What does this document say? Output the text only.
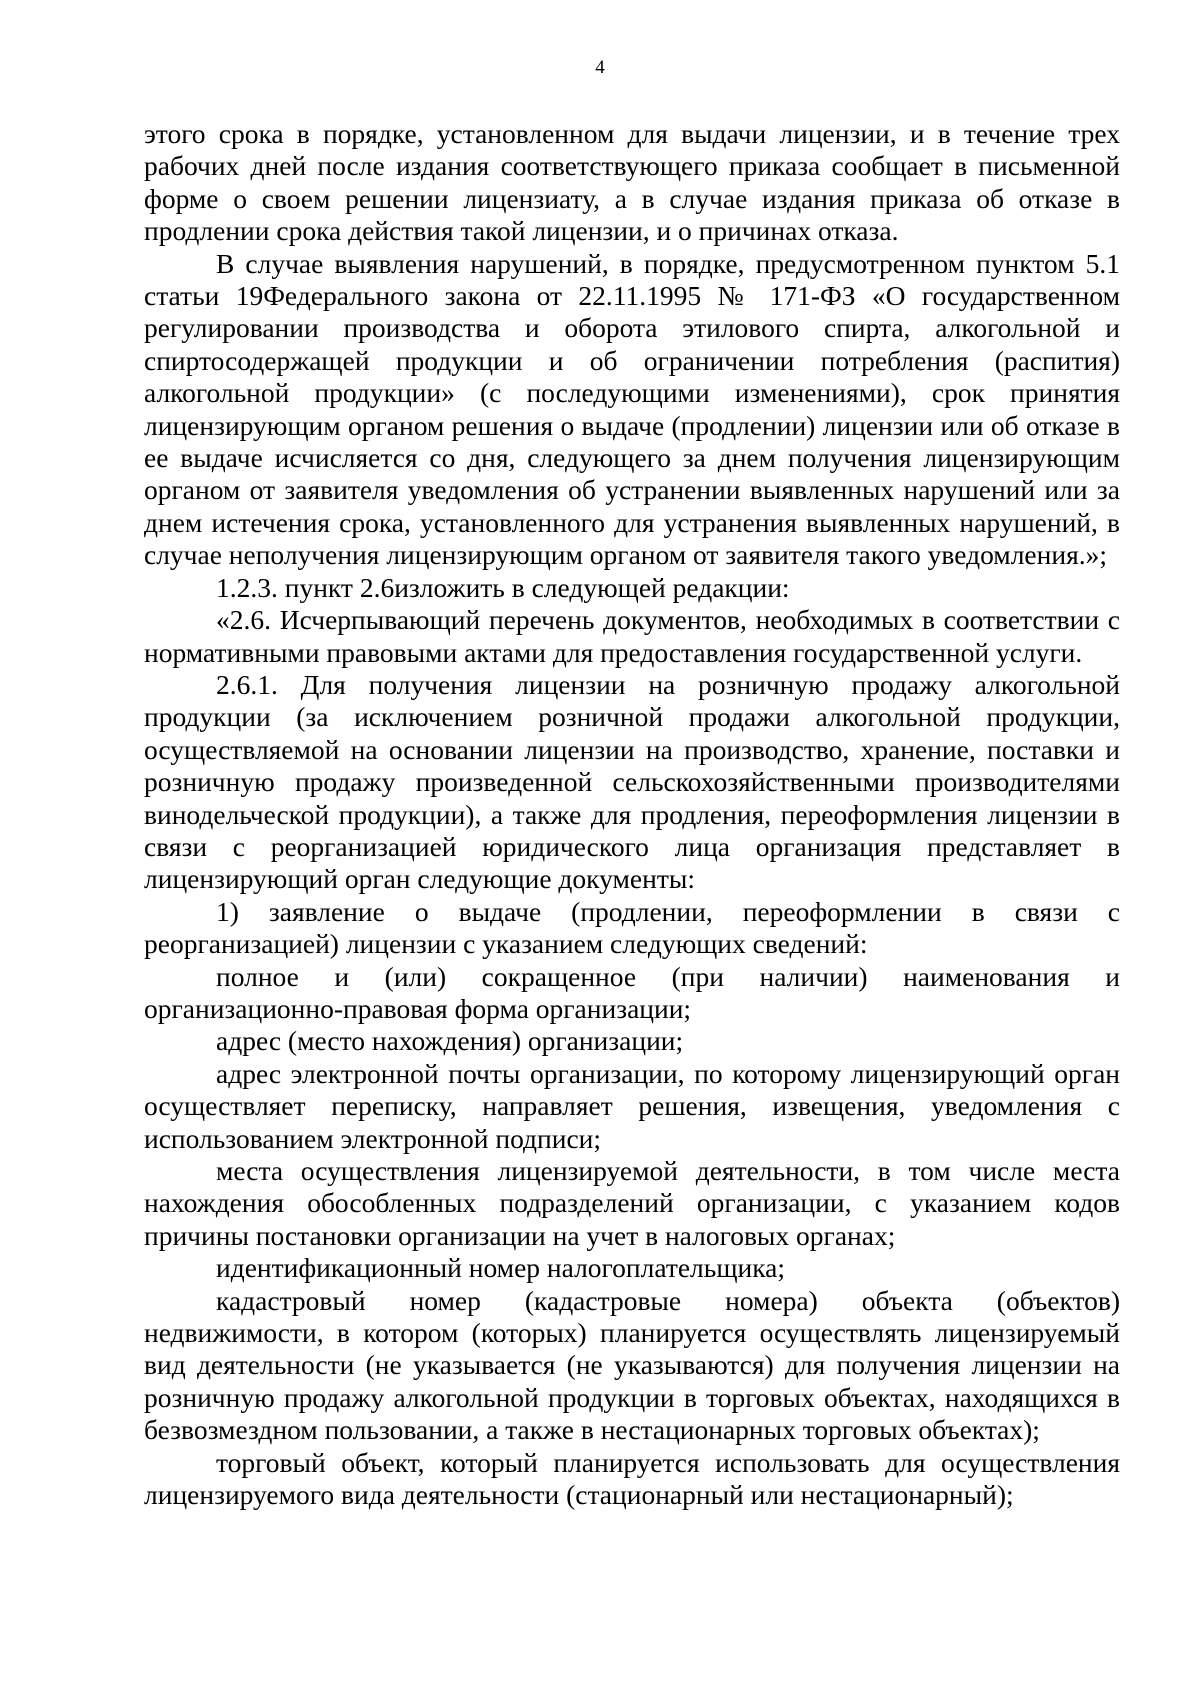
4

этого срока в порядке, установленном для выдачи лицензии, и в течение трех рабочих дней после издания соответствующего приказа сообщает в письменной форме о своем решении лицензиату, а в случае издания приказа об отказе в продлении срока действия такой лицензии, и о причинах отказа.

В случае выявления нарушений, в порядке, предусмотренном пунктом 5.1 статьи 19Федерального закона от 22.11.1995 № 171-ФЗ «О государственном регулировании производства и оборота этилового спирта, алкогольной и спиртосодержащей продукции и об ограничении потребления (распития) алкогольной продукции» (с последующими изменениями), срок принятия лицензирующим органом решения о выдаче (продлении) лицензии или об отказе в ее выдаче исчисляется со дня, следующего за днем получения лицензирующим органом от заявителя уведомления об устранении выявленных нарушений или за днем истечения срока, установленного для устранения выявленных нарушений, в случае неполучения лицензирующим органом от заявителя такого уведомления.»;

1.2.3. пункт 2.6изложить в следующей редакции:

«2.6. Исчерпывающий перечень документов, необходимых в соответствии с нормативными правовыми актами для предоставления государственной услуги.

2.6.1. Для получения лицензии на розничную продажу алкогольной продукции (за исключением розничной продажи алкогольной продукции, осуществляемой на основании лицензии на производство, хранение, поставки и розничную продажу произведенной сельскохозяйственными производителями винодельческой продукции), а также для продления, переоформления лицензии в связи с реорганизацией юридического лица организация представляет в лицензирующий орган следующие документы:

1) заявление о выдаче (продлении, переоформлении в связи с реорганизацией) лицензии с указанием следующих сведений:

полное и (или) сокращенное (при наличии) наименования и организационно-правовая форма организации;

адрес (место нахождения) организации;

адрес электронной почты организации, по которому лицензирующий орган осуществляет переписку, направляет решения, извещения, уведомления с использованием электронной подписи;

места осуществления лицензируемой деятельности, в том числе места нахождения обособленных подразделений организации, с указанием кодов причины постановки организации на учет в налоговых органах;

идентификационный номер налогоплательщика;

кадастровый номер (кадастровые номера) объекта (объектов) недвижимости, в котором (которых) планируется осуществлять лицензируемый вид деятельности (не указывается (не указываются) для получения лицензии на розничную продажу алкогольной продукции в торговых объектах, находящихся в безвозмездном пользовании, а также в нестационарных торговых объектах);

торговый объект, который планируется использовать для осуществления лицензируемого вида деятельности (стационарный или нестационарный);
